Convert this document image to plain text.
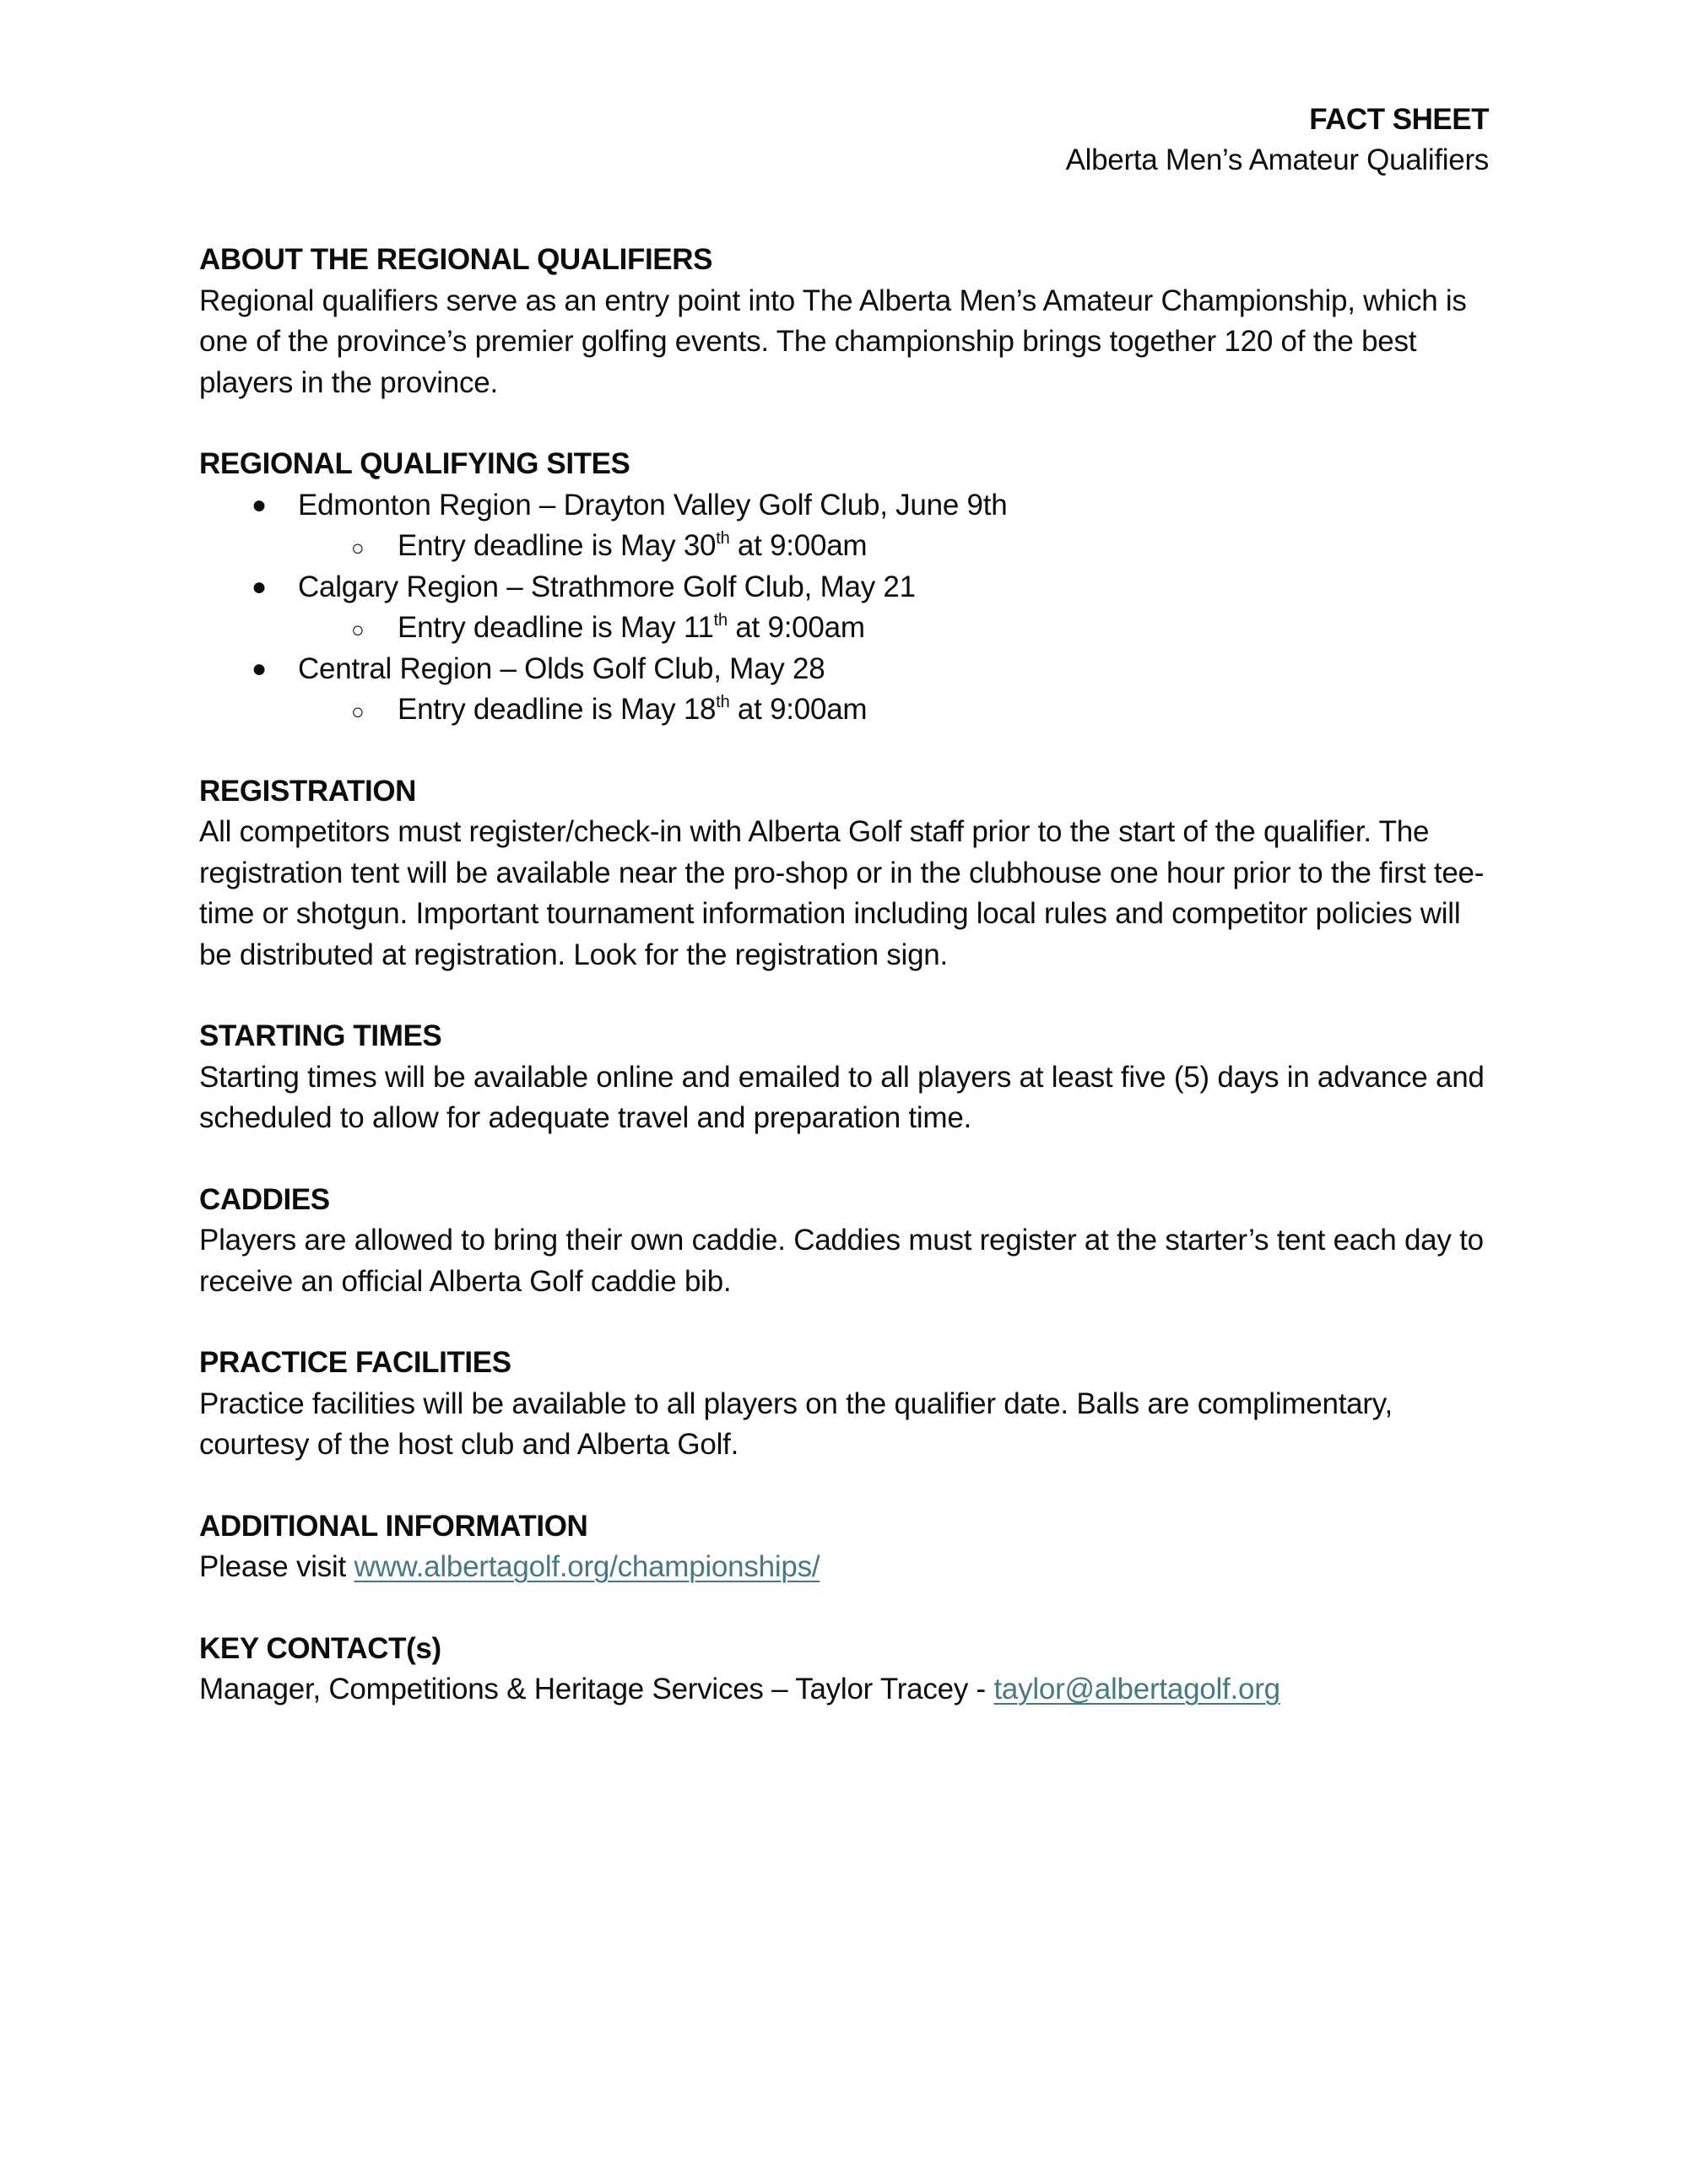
FACT SHEET
Alberta Men’s Amateur Qualifiers

ABOUT THE REGIONAL QUALIFIERS

Regional qualifiers serve as an entry point into The Alberta Men’s Amateur Championship, which is one of the province’s premier golfing events. The championship brings together 120 of the best players in the province.

REGIONAL QUALIFYING SITES

● Edmonton Region – Drayton Valley Golf Club, June 9th
○ Entry deadline is May 30th at 9:00am
● Calgary Region – Strathmore Golf Club, May 21
○ Entry deadline is May 11th at 9:00am
● Central Region – Olds Golf Club, May 28
○ Entry deadline is May 18th at 9:00am

REGISTRATION

All competitors must register/check-in with Alberta Golf staff prior to the start of the qualifier. The registration tent will be available near the pro-shop or in the clubhouse one hour prior to the first tee-time or shotgun. Important tournament information including local rules and competitor policies will be distributed at registration. Look for the registration sign.

STARTING TIMES

Starting times will be available online and emailed to all players at least five (5) days in advance and scheduled to allow for adequate travel and preparation time.

CADDIES

Players are allowed to bring their own caddie. Caddies must register at the starter’s tent each day to receive an official Alberta Golf caddie bib.

PRACTICE FACILITIES

Practice facilities will be available to all players on the qualifier date. Balls are complimentary, courtesy of the host club and Alberta Golf.

ADDITIONAL INFORMATION

Please visit www.albertagolf.org/championships/

KEY CONTACT(s)

Manager, Competitions & Heritage Services – Taylor Tracey - taylor@albertagolf.org
